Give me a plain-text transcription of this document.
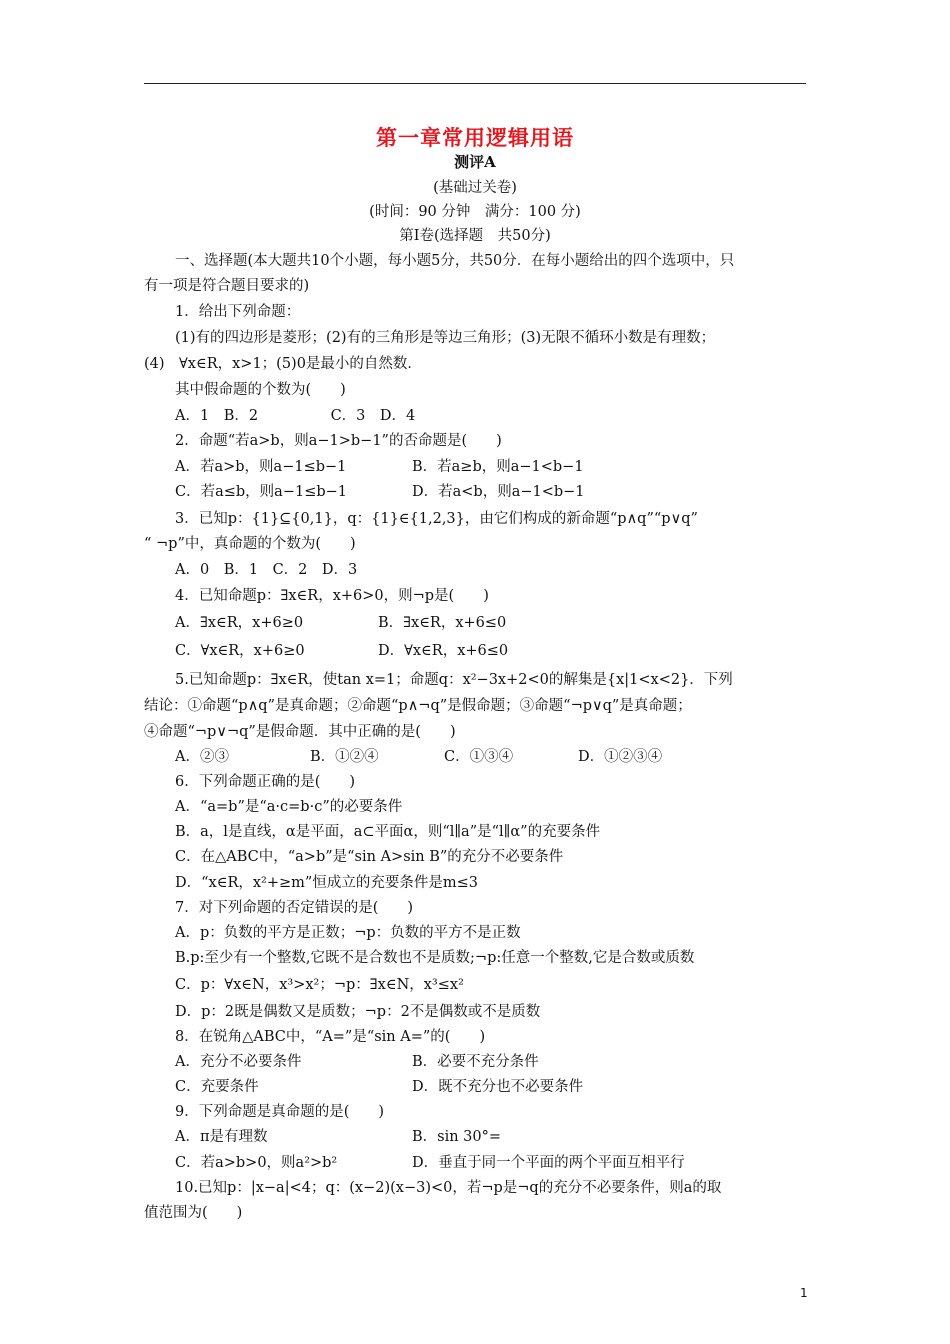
第一章常用逻辑用语
测评A
(基础过关卷)
(时间：90 分钟　满分：100 分)
第Ⅰ卷(选择题　共50分)
一、选择题(本大题共10个小题，每小题5分，共50分．在每小题给出的四个选项中，只
有一项是符合题目要求的)
1．给出下列命题：
(1)有的四边形是菱形；(2)有的三角形是等边三角形；(3)无限不循环小数是有理数；
(4)　∀x∈R，x>1；(5)0是最小的自然数．
其中假命题的个数为(　　)
A．1　B．2　　　　　C．3　D．4
2．命题“若a>b，则a−1>b−1”的否命题是(　　)
A．若a>b，则a−1≤b−1	B．若a≥b，则a−1<b−1
C．若a≤b，则a−1≤b−1	D．若a<b，则a−1<b−1
3．已知p：{1}⊆{0,1}，q：{1}∈{1,2,3}，由它们构成的新命题“p∧q”“p∨q”
“ ¬p”中，真命题的个数为(　　)
A．0　B．1　C．2　D．3
4．已知命题p：∃x∈R，x+6>0，则¬p是(　　)
A．∃x∈R，x+6≥0	B．∃x∈R，x+6≤0
C．∀x∈R，x+6≥0	D．∀x∈R，x+6≤0
5.已知命题p：∃x∈R，使tan x=1；命题q：x²−3x+2<0的解集是{x|1<x<2}．下列
结论：①命题“p∧q”是真命题；②命题“p∧¬q”是假命题；③命题“¬p∨q”是真命题；
④命题“¬p∨¬q”是假命题．其中正确的是(　　)
A．②③	B．①②④	C．①③④	D．①②③④
6．下列命题正确的是(　　)
A．“a=b”是“a·c=b·c”的必要条件
B．a，l是直线，α是平面，a⊂平面α，则“l∥a”是“l∥α”的充要条件
C．在△ABC中，“a>b”是“sin A>sin B”的充分不必要条件
D．“x∈R，x²+≥m”恒成立的充要条件是m≤3
7．对下列命题的否定错误的是(　　)
A．p：负数的平方是正数；¬p：负数的平方不是正数
B.p:至少有一个整数,它既不是合数也不是质数;¬p:任意一个整数,它是合数或质数
C．p：∀x∈N，x³>x²；¬p：∃x∈N，x³≤x²
D．p：2既是偶数又是质数；¬p：2不是偶数或不是质数
8．在锐角△ABC中，“A=”是“sin A=”的(　　)
A．充分不必要条件	B．必要不充分条件
C．充要条件	D．既不充分也不必要条件
9．下列命题是真命题的是(　　)
A．π是有理数	B．sin 30°=
C．若a>b>0，则a²>b²	D．垂直于同一个平面的两个平面互相平行
10.已知p：|x−a|<4；q：(x−2)(x−3)<0，若¬p是¬q的充分不必要条件，则a的取
值范围为(　　)
1
